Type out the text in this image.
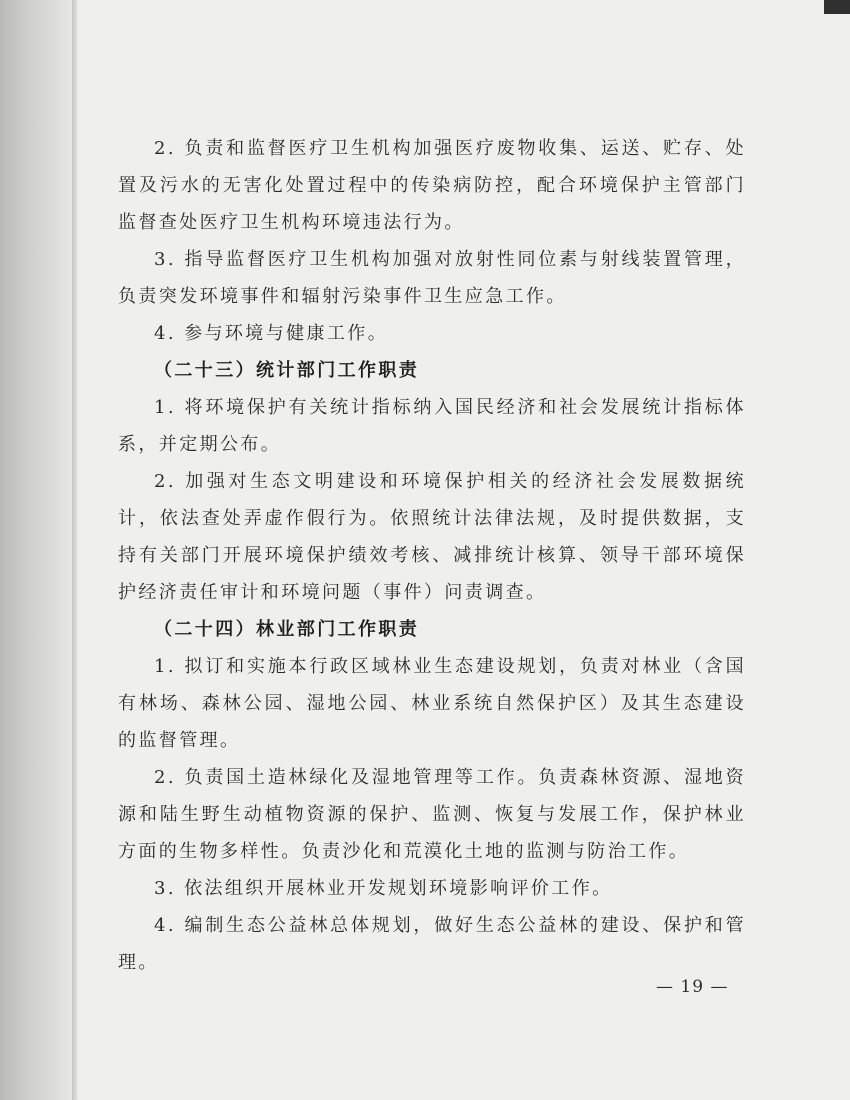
2. 负责和监督医疗卫生机构加强医疗废物收集、运送、贮存、处置及污水的无害化处置过程中的传染病防控，配合环境保护主管部门监督查处医疗卫生机构环境违法行为。
3. 指导监督医疗卫生机构加强对放射性同位素与射线装置管理，负责突发环境事件和辐射污染事件卫生应急工作。
4. 参与环境与健康工作。
（二十三）统计部门工作职责
1. 将环境保护有关统计指标纳入国民经济和社会发展统计指标体系，并定期公布。
2. 加强对生态文明建设和环境保护相关的经济社会发展数据统计，依法查处弄虚作假行为。依照统计法律法规，及时提供数据，支持有关部门开展环境保护绩效考核、减排统计核算、领导干部环境保护经济责任审计和环境问题（事件）问责调查。
（二十四）林业部门工作职责
1. 拟订和实施本行政区域林业生态建设规划，负责对林业（含国有林场、森林公园、湿地公园、林业系统自然保护区）及其生态建设的监督管理。
2. 负责国土造林绿化及湿地管理等工作。负责森林资源、湿地资源和陆生野生动植物资源的保护、监测、恢复与发展工作，保护林业方面的生物多样性。负责沙化和荒漠化土地的监测与防治工作。
3. 依法组织开展林业开发规划环境影响评价工作。
4. 编制生态公益林总体规划，做好生态公益林的建设、保护和管理。
— 19 —
